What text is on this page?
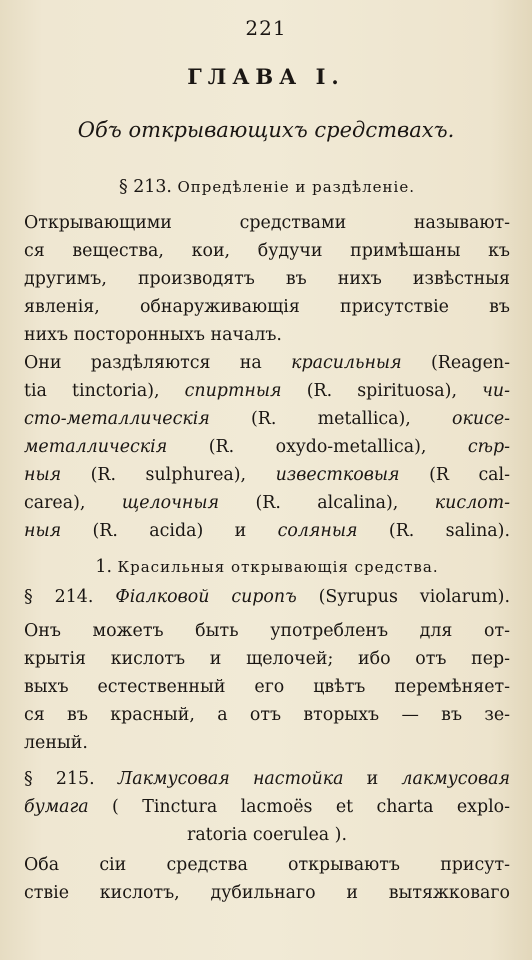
221
ГЛАВА I.
Объ открывающихъ средствахъ.
§ 213. Опредѣленіе и раздѣленіе.
Открывающими средствами называют-
ся вещества, кои, будучи примѣшаны къ
другимъ, производятъ въ нихъ извѣстныя
явленія, обнаруживающія присутствіе въ
нихъ посторонныхъ началъ.
Они раздѣляются на красильныя (Reagen-
tia tinctoria), спиртныя (R. spirituosa), чи-
сто-металлическія (R. metallica), окисе-
металлическія (R. oxydo-metallica), сѣр-
ныя (R. sulphurea), известковыя (R cal-
carea), щелочныя (R. alcalina), кислот-
ныя (R. acida) и соляныя (R. salina).
1. Красильныя открывающія средства.
§ 214. Фіалковой сиропъ (Syrupus violarum).
Онъ можетъ быть употребленъ для от-
крытія кислотъ и щелочей; ибо отъ пер-
выхъ естественный его цвѣтъ перемѣняет-
ся въ красный, а отъ вторыхъ — въ зе-
леный.
§ 215. Лакмусовая настойка и лакмусовая
бумага ( Tinctura lacmoës et charta explo-
ratoria coerulea ).
Оба сіи средства открываютъ присут-
ствіе кислотъ, дубильнаго и вытяжковаго
